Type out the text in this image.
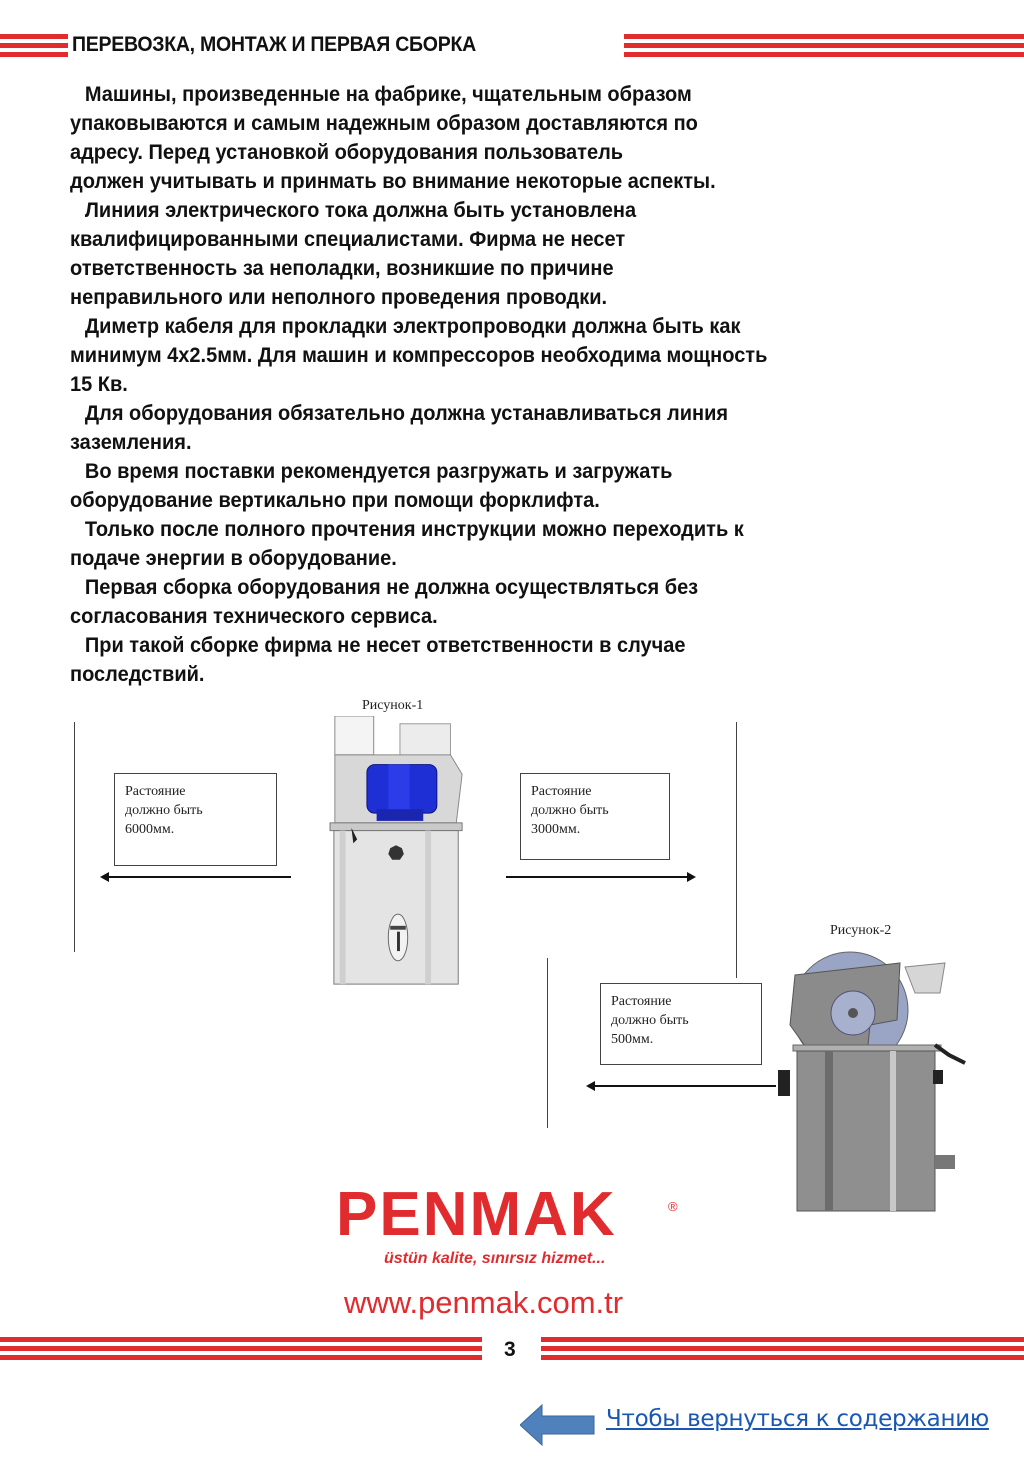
ПЕРЕВОЗКА, МОНТАЖ И ПЕРВАЯ СБОРКА

Машины, произведенные на фабрике, чщательным образом
упаковываются и самым надежным образом доставляются по
адресу. Перед установкой оборудования пользователь
должен учитывать и принмать во внимание некоторые аспекты.

Линиия электрического тока должна быть установлена
квалифицированными специалистами. Фирма не несет
ответственность за неполадки, возникшие по причине
неправильного или неполного проведения проводки.

Диметр кабеля для прокладки электропроводки должна быть как
минимум 4x2.5мм. Для машин и компрессоров необходима мощность
15 Кв.

Для оборудования обязательно должна устанавливаться линия
заземления.

Во время поставки рекомендуется разгружать и загружать
оборудование вертикально при помощи форклифта.

Только после полного прочтения инструкции можно переходить к
подаче энергии в оборудование.

Первая сборка оборудования не должна осуществляться без
согласования технического сервиса.

При такой сборке фирма не несет ответственности в случае
последствий.

Рисунок-1
Растояние
должно быть
6000мм.
Растояние
должно быть
3000мм.
Рисунок-2
Растояние
должно быть
500мм.
PENMAK	®
üstün kalite, sınırsız hizmet...
www.penmak.com.tr
3
Чтобы вернуться к содержанию
